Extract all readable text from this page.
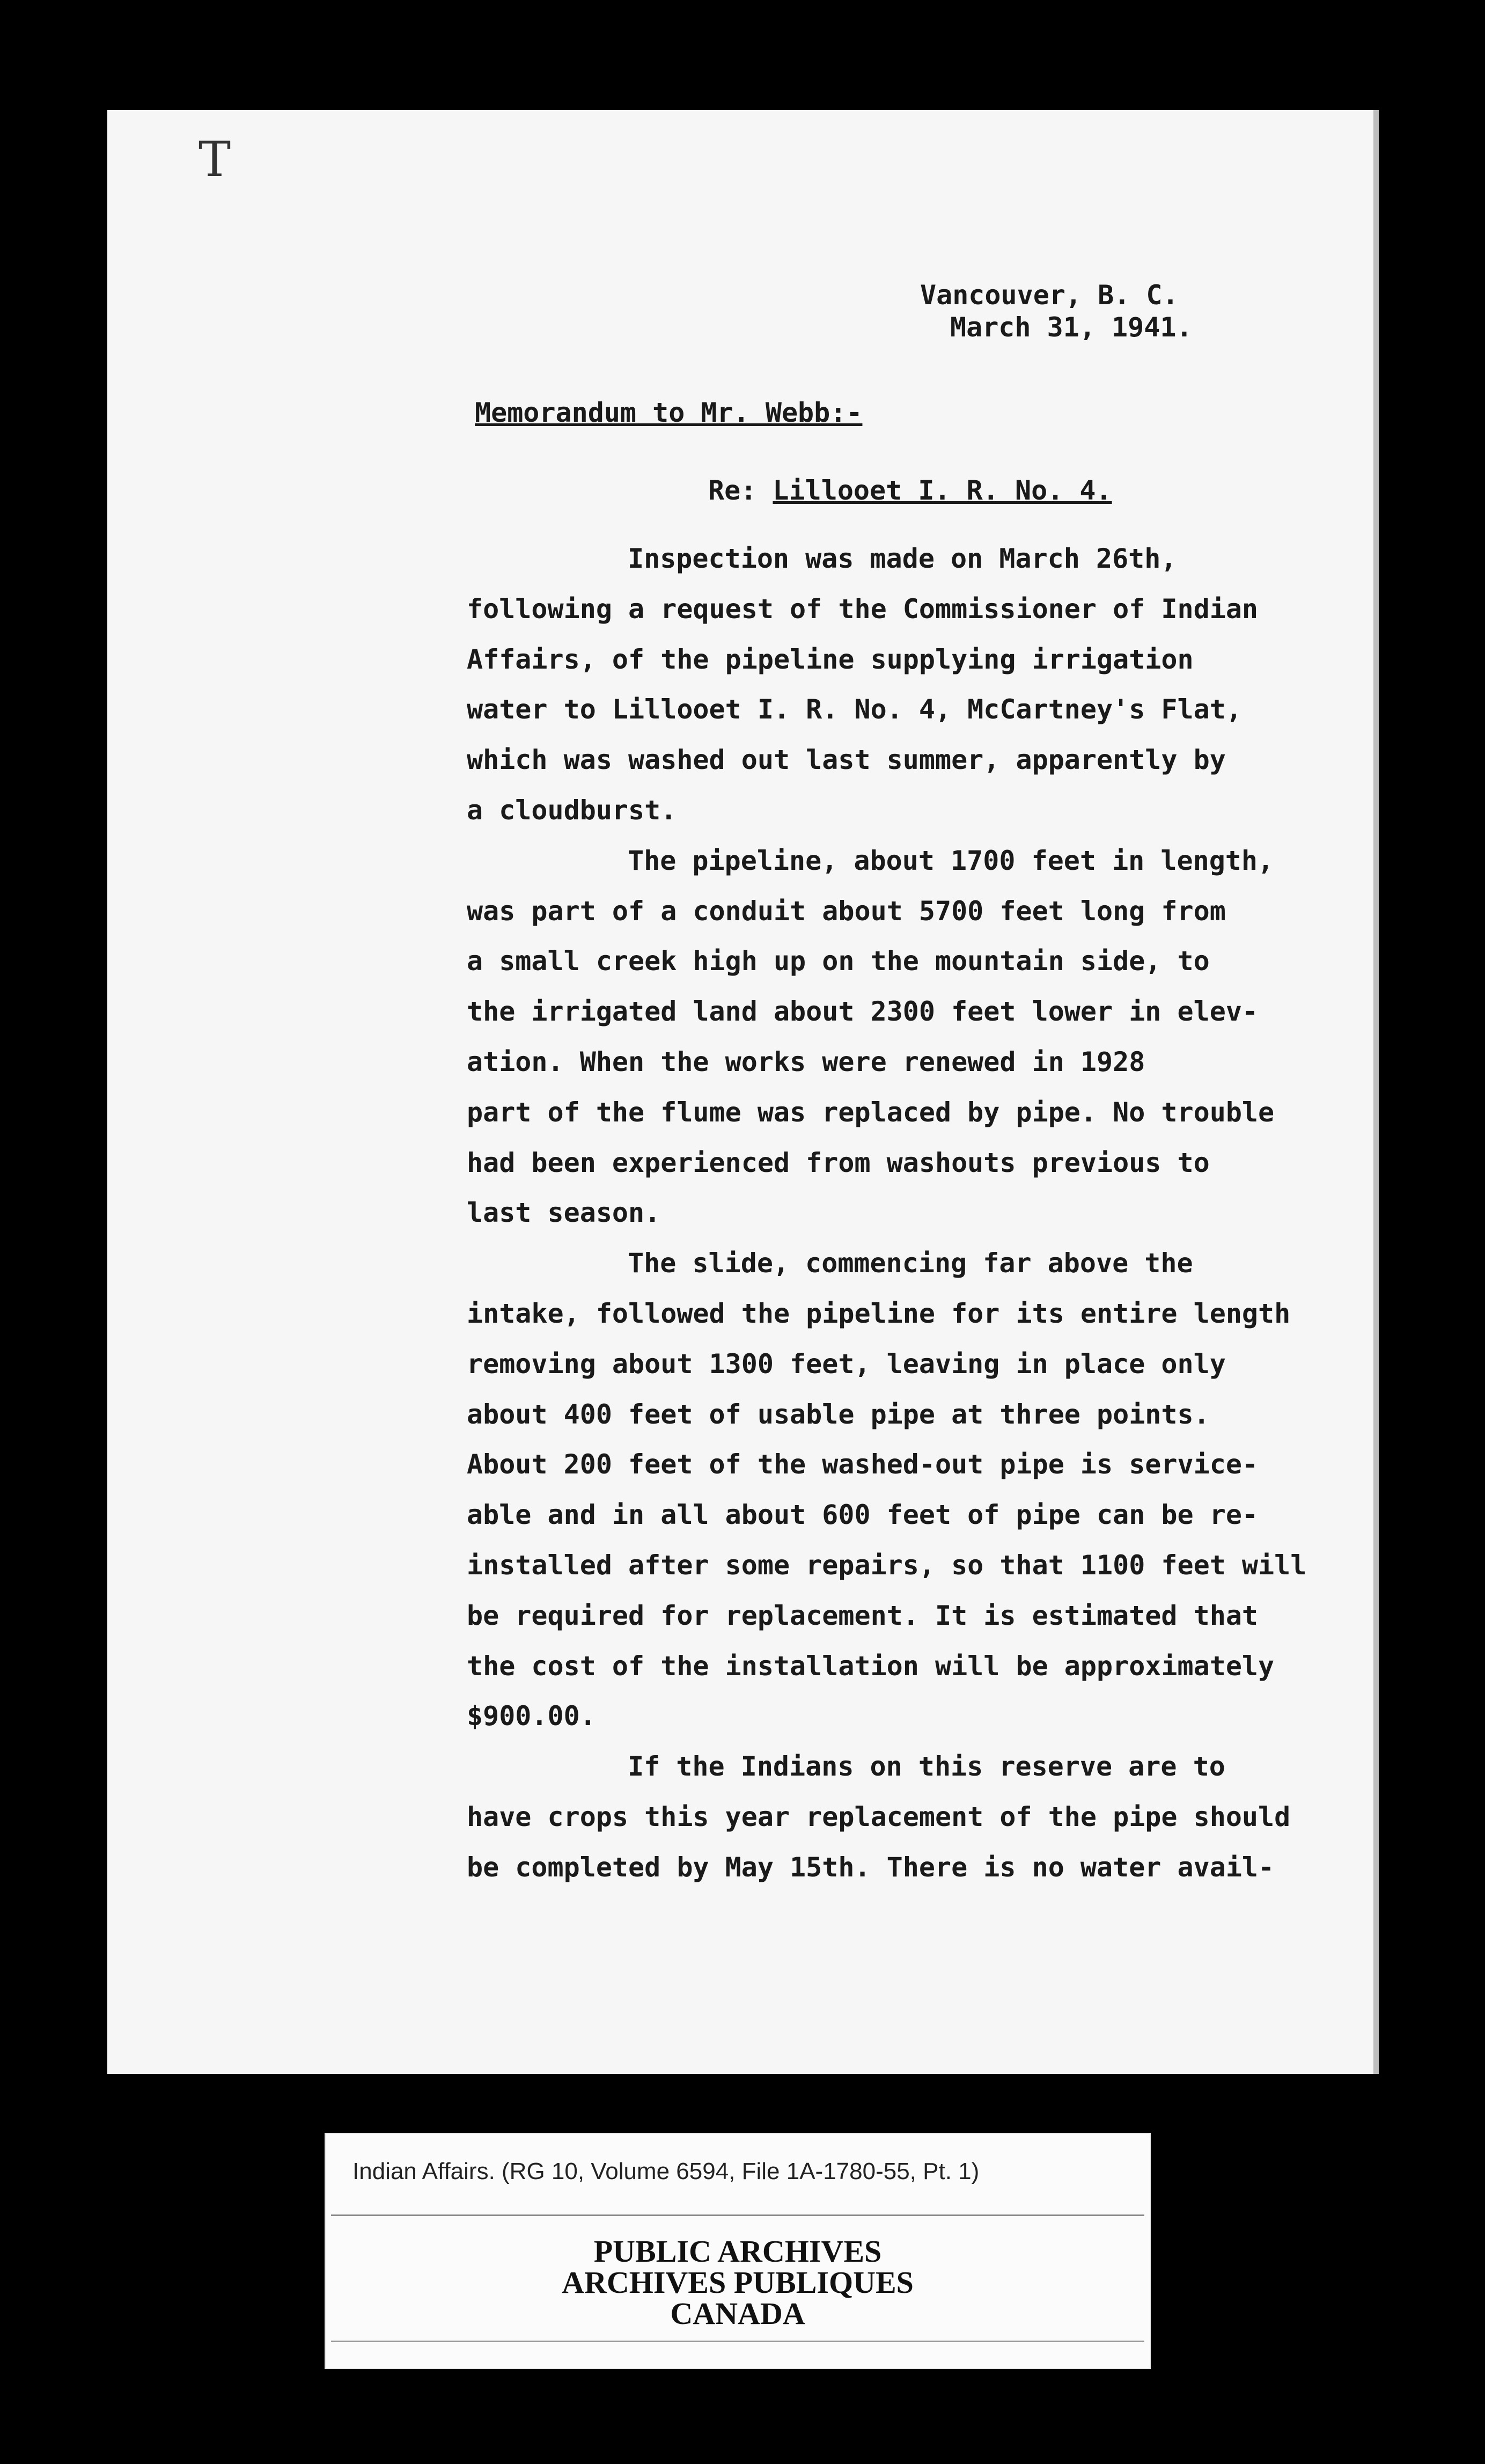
T
Vancouver, B. C.
March 31, 1941.
Memorandum to Mr. Webb:-
Re: Lillooet I. R. No. 4.
Inspection was made on March 26th,
following a request of the Commissioner of Indian
Affairs, of the pipeline supplying irrigation
water to Lillooet I. R. No. 4, McCartney's Flat,
which was washed out last summer, apparently by
a cloudburst.
The pipeline, about 1700 feet in length,
was part of a conduit about 5700 feet long from
a small creek high up on the mountain side, to
the irrigated land about 2300 feet lower in elev-
ation. When the works were renewed in 1928
part of the flume was replaced by pipe. No trouble
had been experienced from washouts previous to
last season.
The slide, commencing far above the
intake, followed the pipeline for its entire length
removing about 1300 feet, leaving in place only
about 400 feet of usable pipe at three points.
About 200 feet of the washed-out pipe is service-
able and in all about 600 feet of pipe can be re-
installed after some repairs, so that 1100 feet will
be required for replacement. It is estimated that
the cost of the installation will be approximately
$900.00.
If the Indians on this reserve are to
have crops this year replacement of the pipe should
be completed by May 15th. There is no water avail-
Indian Affairs. (RG 10, Volume 6594, File 1A-1780-55, Pt. 1)
PUBLIC ARCHIVES
ARCHIVES PUBLIQUES
CANADA
